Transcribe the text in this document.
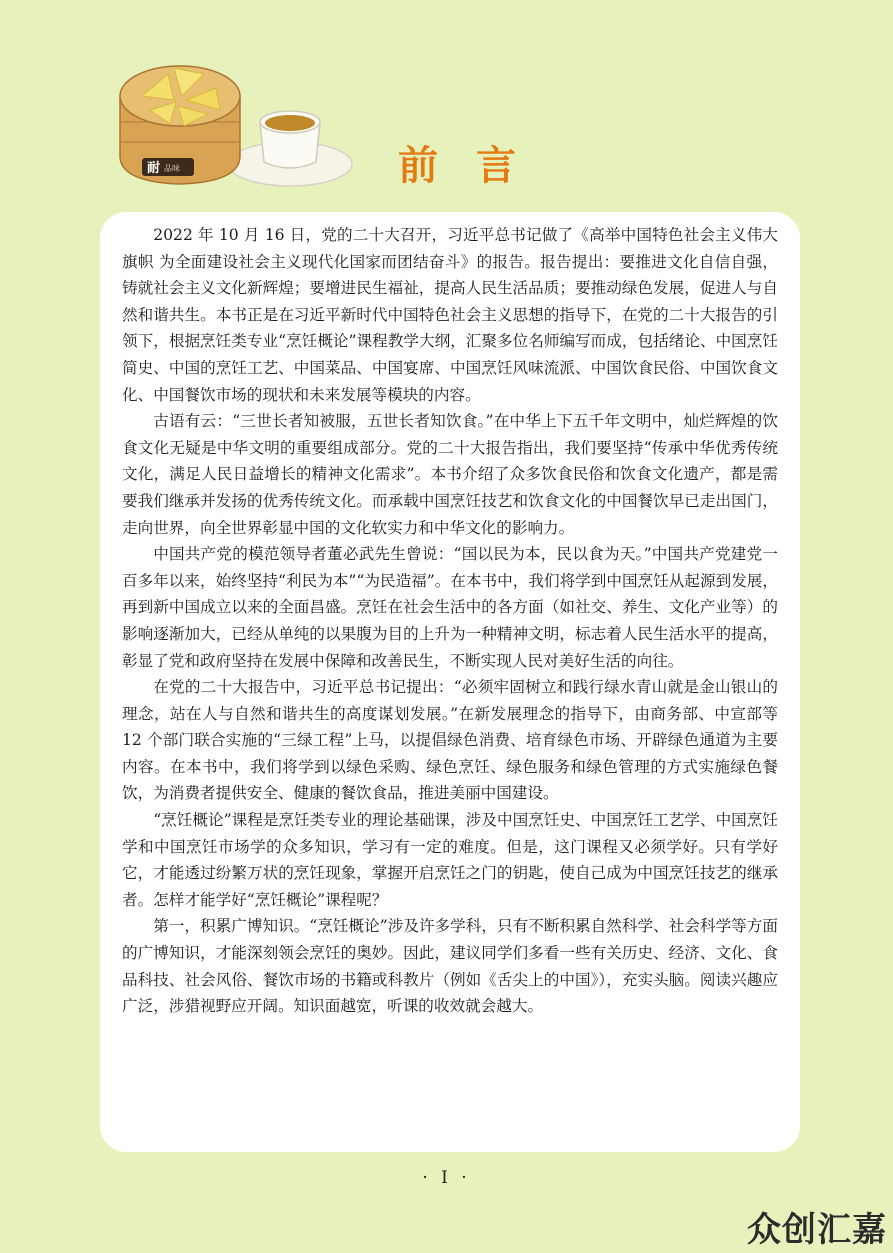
耐 品味	前言

2022 年 10 月 16 日，党的二十大召开，习近平总书记做了《高举中国特色社会主义伟大旗帜 为全面建设社会主义现代化国家而团结奋斗》的报告。报告提出：要推进文化自信自强，铸就社会主义文化新辉煌；要增进民生福祉，提高人民生活品质；要推动绿色发展，促进人与自然和谐共生。本书正是在习近平新时代中国特色社会主义思想的指导下，在党的二十大报告的引领下，根据烹饪类专业“烹饪概论”课程教学大纲，汇聚多位名师编写而成，包括绪论、中国烹饪简史、中国的烹饪工艺、中国菜品、中国宴席、中国烹饪风味流派、中国饮食民俗、中国饮食文化、中国餐饮市场的现状和未来发展等模块的内容。

古语有云：“三世长者知被服，五世长者知饮食。”在中华上下五千年文明中，灿烂辉煌的饮食文化无疑是中华文明的重要组成部分。党的二十大报告指出，我们要坚持“传承中华优秀传统文化，满足人民日益增长的精神文化需求”。本书介绍了众多饮食民俗和饮食文化遗产，都是需要我们继承并发扬的优秀传统文化。而承载中国烹饪技艺和饮食文化的中国餐饮早已走出国门，走向世界，向全世界彰显中国的文化软实力和中华文化的影响力。

中国共产党的模范领导者董必武先生曾说：“国以民为本，民以食为天。”中国共产党建党一百多年以来，始终坚持“利民为本”“为民造福”。在本书中，我们将学到中国烹饪从起源到发展，再到新中国成立以来的全面昌盛。烹饪在社会生活中的各方面（如社交、养生、文化产业等）的影响逐渐加大，已经从单纯的以果腹为目的上升为一种精神文明，标志着人民生活水平的提高，彰显了党和政府坚持在发展中保障和改善民生，不断实现人民对美好生活的向往。

在党的二十大报告中，习近平总书记提出：“必须牢固树立和践行绿水青山就是金山银山的理念，站在人与自然和谐共生的高度谋划发展。”在新发展理念的指导下，由商务部、中宣部等 12 个部门联合实施的“三绿工程”上马，以提倡绿色消费、培育绿色市场、开辟绿色通道为主要内容。在本书中，我们将学到以绿色采购、绿色烹饪、绿色服务和绿色管理的方式实施绿色餐饮，为消费者提供安全、健康的餐饮食品，推进美丽中国建设。

“烹饪概论”课程是烹饪类专业的理论基础课，涉及中国烹饪史、中国烹饪工艺学、中国烹饪学和中国烹饪市场学的众多知识，学习有一定的难度。但是，这门课程又必须学好。只有学好它，才能透过纷繁万状的烹饪现象，掌握开启烹饪之门的钥匙，使自己成为中国烹饪技艺的继承者。怎样才能学好“烹饪概论”课程呢？

第一，积累广博知识。“烹饪概论”涉及许多学科，只有不断积累自然科学、社会科学等方面的广博知识，才能深刻领会烹饪的奥妙。因此，建议同学们多看一些有关历史、经济、文化、食品科技、社会风俗、餐饮市场的书籍或科教片（例如《舌尖上的中国》），充实头脑。阅读兴趣应广泛，涉猎视野应开阔。知识面越宽，听课的收效就会越大。

· I ·
众创汇嘉
